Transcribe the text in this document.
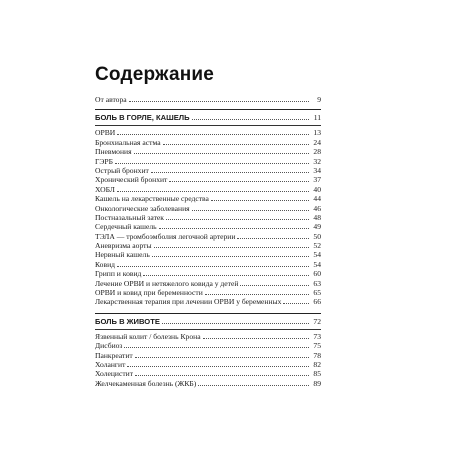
Содержание
От автора	9
БОЛЬ В ГОРЛЕ, КАШЕЛЬ	11
ОРВИ	13
Бронхиальная астма	24
Пневмония	28
ГЭРБ	32
Острый бронхит	34
Хронический бронхит	37
ХОБЛ	40
Кашель на лекарственные средства	44
Онкологические заболевания	46
Постназальный затек	48
Сердечный кашель	49
ТЭЛА — тромбоэмболия легочной артерии	50
Аневризма аорты	52
Нервный кашель	54
Ковид	54
Грипп и ковид	60
Лечение ОРВИ и нетяжелого ковида у детей	63
ОРВИ и ковид при беременности	65
Лекарственная терапия при лечении ОРВИ у беременных	66
БОЛЬ В ЖИВОТЕ	72
Язвенный колит / болезнь Крона	73
Дисбиоз	75
Панкреатит	78
Холангит	82
Холецистит	85
Желчекаменная болезнь (ЖКБ)	89
